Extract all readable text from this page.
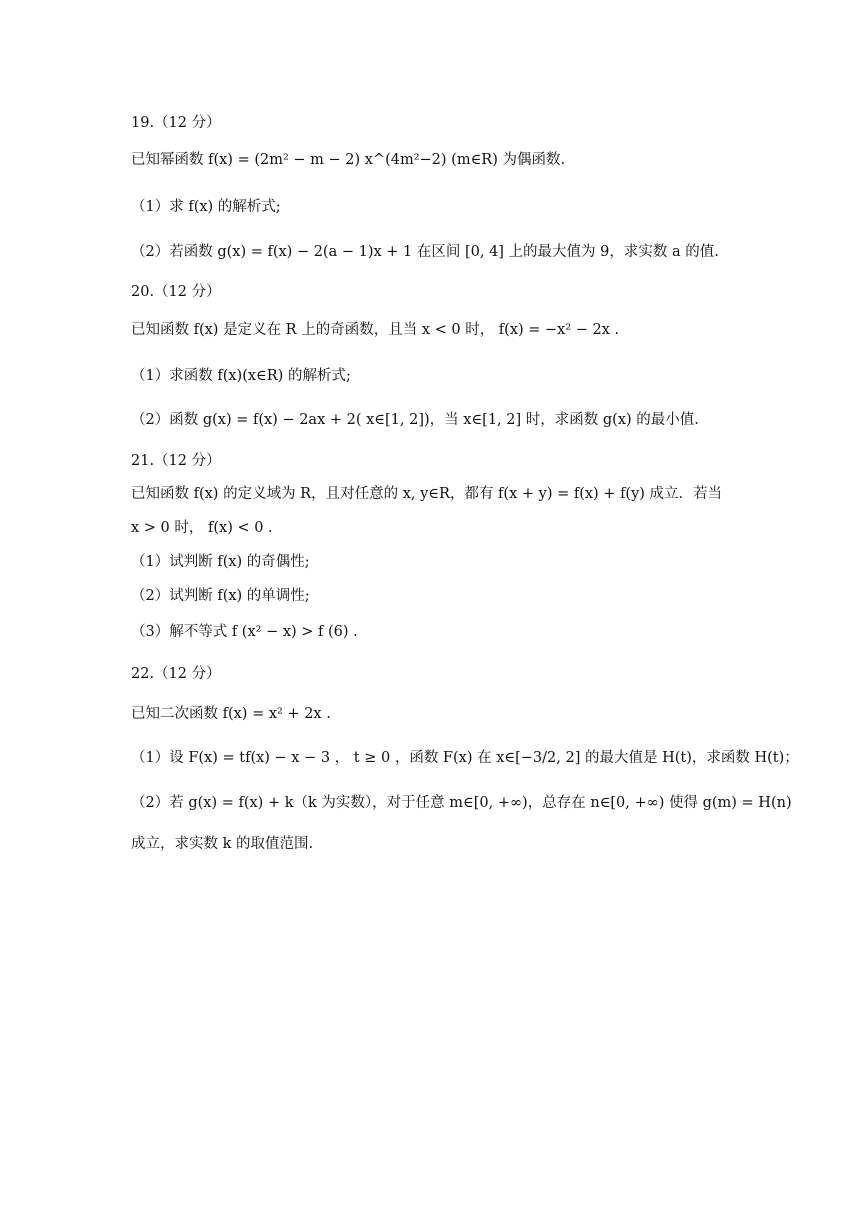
19.（12 分）
已知幂函数 f(x) = (2m² − m − 2) x^(4m²−2) (m∈R) 为偶函数.
（1）求 f(x) 的解析式;
（2）若函数 g(x) = f(x) − 2(a − 1)x + 1 在区间 [0, 4] 上的最大值为 9，求实数 a 的值.
20.（12 分）
已知函数 f(x) 是定义在 R 上的奇函数，且当 x < 0 时， f(x) = −x² − 2x .
（1）求函数 f(x)(x∈R) 的解析式;
（2）函数 g(x) = f(x) − 2ax + 2( x∈[1, 2])，当 x∈[1, 2] 时，求函数 g(x) 的最小值.
21.（12 分）
已知函数 f(x) 的定义域为 R，且对任意的 x, y∈R，都有 f(x + y) = f(x) + f(y) 成立．若当
x > 0 时， f(x) < 0 .
（1）试判断 f(x) 的奇偶性;
（2）试判断 f(x) 的单调性;
（3）解不等式 f (x² − x) > f (6) .
22.（12 分）
已知二次函数 f(x) = x² + 2x .
（1）设 F(x) = tf(x) − x − 3 ， t ≥ 0 ，函数 F(x) 在 x∈[−3/2, 2] 的最大值是 H(t)，求函数 H(t)；
（2）若 g(x) = f(x) + k（k 为实数），对于任意 m∈[0, +∞)，总存在 n∈[0, +∞) 使得 g(m) = H(n)
成立，求实数 k 的取值范围.
